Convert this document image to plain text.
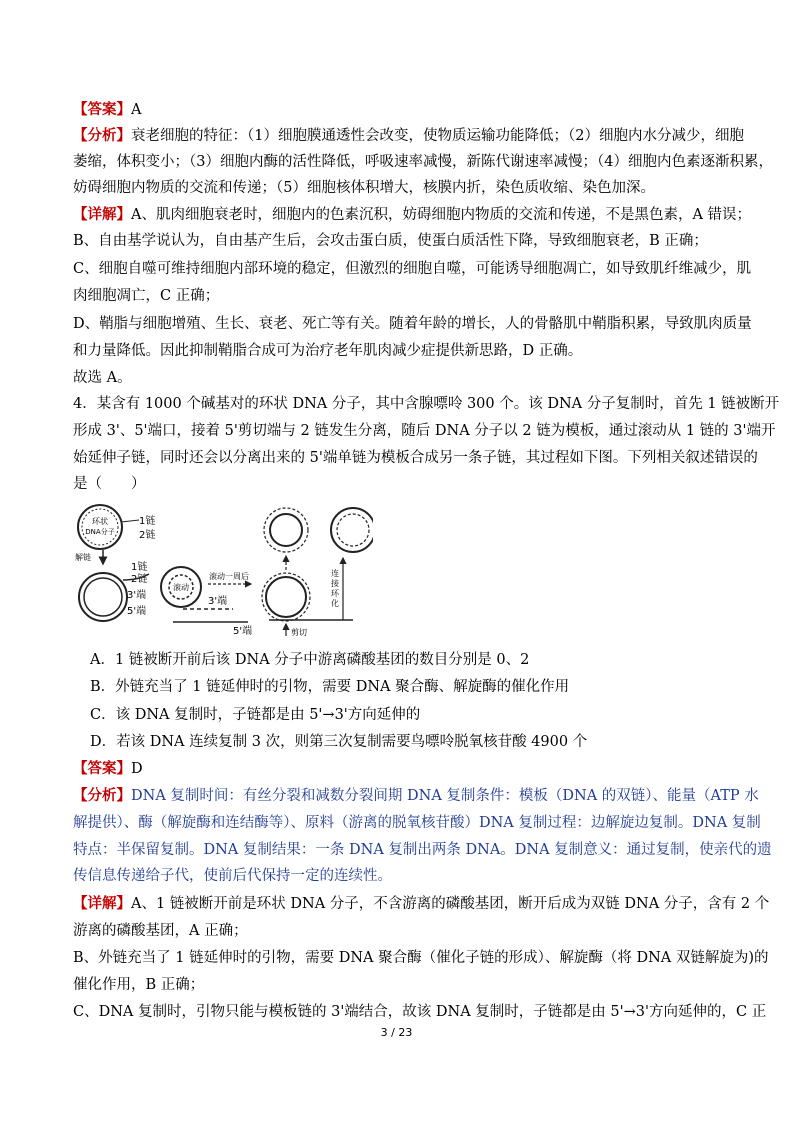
【答案】A
【分析】衰老细胞的特征：（1）细胞膜通透性会改变，使物质运输功能降低；（2）细胞内水分减少，细胞
萎缩，体积变小；（3）细胞内酶的活性降低，呼吸速率减慢，新陈代谢速率减慢；（4）细胞内色素逐渐积累，
妨碍细胞内物质的交流和传递；（5）细胞核体积增大，核膜内折，染色质收缩、染色加深。
【详解】A、肌肉细胞衰老时，细胞内的色素沉积，妨碍细胞内物质的交流和传递，不是黑色素，A 错误；
B、自由基学说认为，自由基产生后，会攻击蛋白质，使蛋白质活性下降，导致细胞衰老，B 正确；
C、细胞自噬可维持细胞内部环境的稳定，但激烈的细胞自噬，可能诱导细胞凋亡，如导致肌纤维减少，肌
肉细胞凋亡，C 正确；
D、鞘脂与细胞增殖、生长、衰老、死亡等有关。随着年龄的增长，人的骨骼肌中鞘脂积累，导致肌肉质量
和力量降低。因此抑制鞘脂合成可为治疗老年肌肉减少症提供新思路，D 正确。
故选 A。
4．某含有 1000 个碱基对的环状 DNA 分子，其中含腺嘌呤 300 个。该 DNA 分子复制时，首先 1 链被断开
形成 3'、5'端口，接着 5'剪切端与 2 链发生分离，随后 DNA 分子以 2 链为模板，通过滚动从 1 链的 3'端开
始延伸子链，同时还会以分离出来的 5'端单链为模板合成另一条子链，其过程如下图。下列相关叙述错误的
是（　　）
环状
DNA分子
1链
2链
解链
1链
2链
3'端
5'端
滚动
3'端
5'端
滚动一周后
剪切
连
接
环
化
A．1 链被断开前后该 DNA 分子中游离磷酸基团的数目分别是 0、2
B．外链充当了 1 链延伸时的引物，需要 DNA 聚合酶、解旋酶的催化作用
C．该 DNA 复制时，子链都是由 5'→3'方向延伸的
D．若该 DNA 连续复制 3 次，则第三次复制需要鸟嘌呤脱氧核苷酸 4900 个
【答案】D
【分析】DNA 复制时间：有丝分裂和减数分裂间期 DNA 复制条件：模板（DNA 的双链）、能量（ATP 水
解提供）、酶（解旋酶和连结酶等）、原料（游离的脱氧核苷酸）DNA 复制过程：边解旋边复制。DNA 复制
特点：半保留复制。DNA 复制结果：一条 DNA 复制出两条 DNA。DNA 复制意义：通过复制，使亲代的遗
传信息传递给子代，使前后代保持一定的连续性。
【详解】A、1 链被断开前是环状 DNA 分子，不含游离的磷酸基团，断开后成为双链 DNA 分子，含有 2 个
游离的磷酸基团，A 正确；
B、外链充当了 1 链延伸时的引物，需要 DNA 聚合酶（催化子链的形成）、解旋酶（将 DNA 双链解旋为)的
催化作用，B 正确；
C、DNA 复制时，引物只能与模板链的 3'端结合，故该 DNA 复制时，子链都是由 5'→3'方向延伸的，C 正
3 / 23
